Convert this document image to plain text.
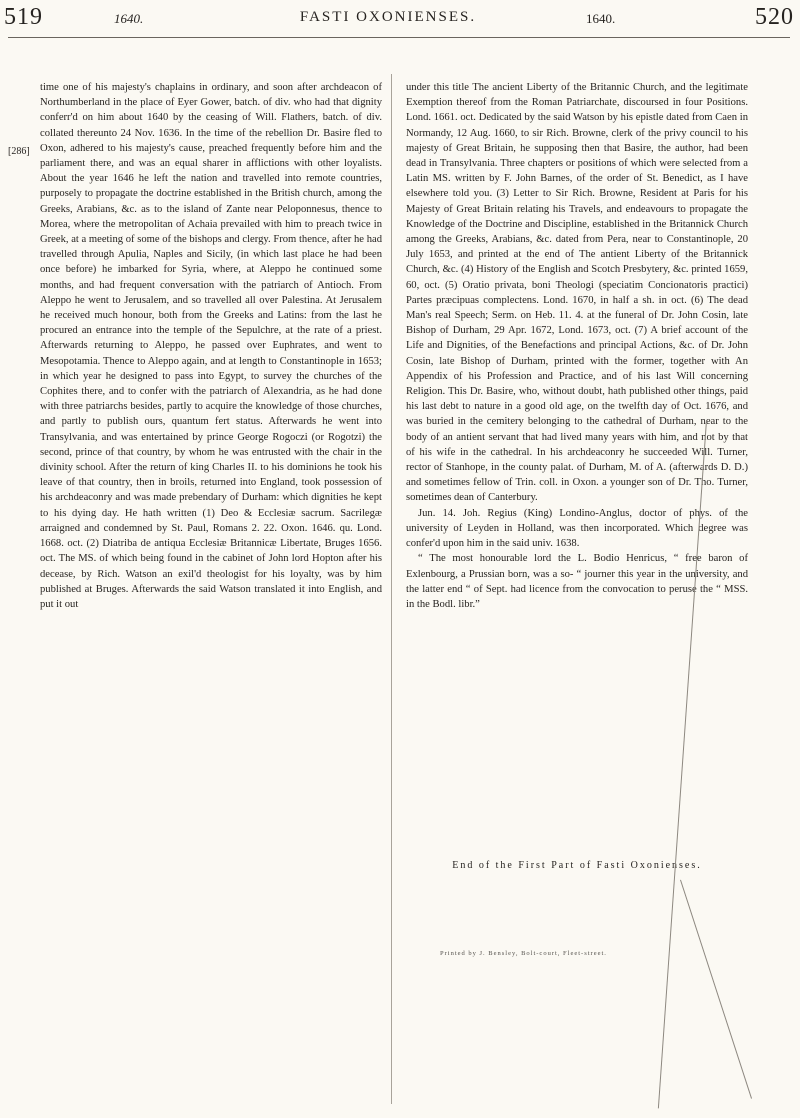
519	1640.	FASTI OXONIENSES.	1640.	520
[286]

time one of his majesty's chaplains in ordinary, and soon after archdeacon of Northumberland in the place of Eyer Gower, batch. of div. who had that dignity conferr'd on him about 1640 by the ceasing of Will. Flathers, batch. of div. collated thereunto 24 Nov. 1636. In the time of the rebellion Dr. Basire fled to Oxon, adhered to his majesty's cause, preached frequently before him and the parliament there, and was an equal sharer in afflictions with other loyalists. About the year 1646 he left the nation and travelled into remote countries, purposely to propagate the doctrine established in the British church, among the Greeks, Arabians, &c. as to the island of Zante near Peloponnesus, thence to Morea, where the metropolitan of Achaia prevailed with him to preach twice in Greek, at a meeting of some of the bishops and clergy. From thence, after he had travelled through Apulia, Naples and Sicily, (in which last place he had been once before) he imbarked for Syria, where, at Aleppo he continued some months, and had frequent conversation with the patriarch of Antioch. From Aleppo he went to Jerusalem, and so travelled all over Palestina. At Jerusalem he received much honour, both from the Greeks and Latins: from the last he procured an entrance into the temple of the Sepulchre, at the rate of a priest. Afterwards returning to Aleppo, he passed over Euphrates, and went to Mesopotamia. Thence to Aleppo again, and at length to Constantinople in 1653; in which year he designed to pass into Egypt, to survey the churches of the Cophites there, and to confer with the patriarch of Alexandria, as he had done with three patriarchs besides, partly to acquire the knowledge of those churches, and partly to publish ours, quantum fert status. Afterwards he went into Transylvania, and was entertained by prince George Rogoczi (or Rogotzi) the second, prince of that country, by whom he was entrusted with the chair in the divinity school. After the return of king Charles II. to his dominions he took his leave of that country, then in broils, returned into England, took possession of his archdeaconry and was made prebendary of Durham: which dignities he kept to his dying day. He hath written (1) Deo & Ecclesiæ sacrum. Sacrilegæ arraigned and condemned by St. Paul, Romans 2. 22. Oxon. 1646. qu. Lond. 1668. oct. (2) Diatriba de antiqua Ecclesiæ Britannicæ Libertate, Bruges 1656. oct. The MS. of which being found in the cabinet of John lord Hopton after his decease, by Rich. Watson an exil'd theologist for his loyalty, was by him published at Bruges. Afterwards the said Watson translated it into English, and put it out

under this title The ancient Liberty of the Britannic Church, and the legitimate Exemption thereof from the Roman Patriarchate, discoursed in four Positions. Lond. 1661. oct. Dedicated by the said Watson by his epistle dated from Caen in Normandy, 12 Aug. 1660, to sir Rich. Browne, clerk of the privy council to his majesty of Great Britain, he supposing then that Basire, the author, had been dead in Transylvania. Three chapters or positions of which were selected from a Latin MS. written by F. John Barnes, of the order of St. Benedict, as I have elsewhere told you. (3) Letter to Sir Rich. Browne, Resident at Paris for his Majesty of Great Britain relating his Travels, and endeavours to propagate the Knowledge of the Doctrine and Discipline, established in the Britannick Church among the Greeks, Arabians, &c. dated from Pera, near to Constantinople, 20 July 1653, and printed at the end of The antient Liberty of the Britannick Church, &c. (4) History of the English and Scotch Presbytery, &c. printed 1659, 60, oct. (5) Oratio privata, boni Theologi (speciatim Concionatoris practici) Partes præcipuas complectens. Lond. 1670, in half a sh. in oct. (6) The dead Man's real Speech; Serm. on Heb. 11. 4. at the funeral of Dr. John Cosin, late Bishop of Durham, 29 Apr. 1672, Lond. 1673, oct. (7) A brief account of the Life and Dignities, of the Benefactions and principal Actions, &c. of Dr. John Cosin, late Bishop of Durham, printed with the former, together with An Appendix of his Profession and Practice, and of his last Will concerning Religion. This Dr. Basire, who, without doubt, hath published other things, paid his last debt to nature in a good old age, on the twelfth day of Oct. 1676, and was buried in the cemitery belonging to the cathedral of Durham, near to the body of an antient servant that had lived many years with him, and not by that of his wife in the cathedral. In his archdeaconry he succeeded Will. Turner, rector of Stanhope, in the county palat. of Durham, M. of A. (afterwards D. D.) and sometimes fellow of Trin. coll. in Oxon. a younger son of Dr. Tho. Turner, sometimes dean of Canterbury.

Jun. 14. Joh. Regius (King) Londino-Anglus, doctor of phys. of the university of Leyden in Holland, was then incorporated. Which degree was confer'd upon him in the said univ. 1638.

“ The most honourable lord the L. Bodio Henricus, “ free baron of Exlenbourg, a Prussian born, was a so- “ journer this year in the university, and the latter end “ of Sept. had licence from the convocation to peruse the “ MSS. in the Bodl. libr.”

End of the First Part of Fasti Oxonienses.
Printed by J. Bensley, Bolt-court, Fleet-street.
